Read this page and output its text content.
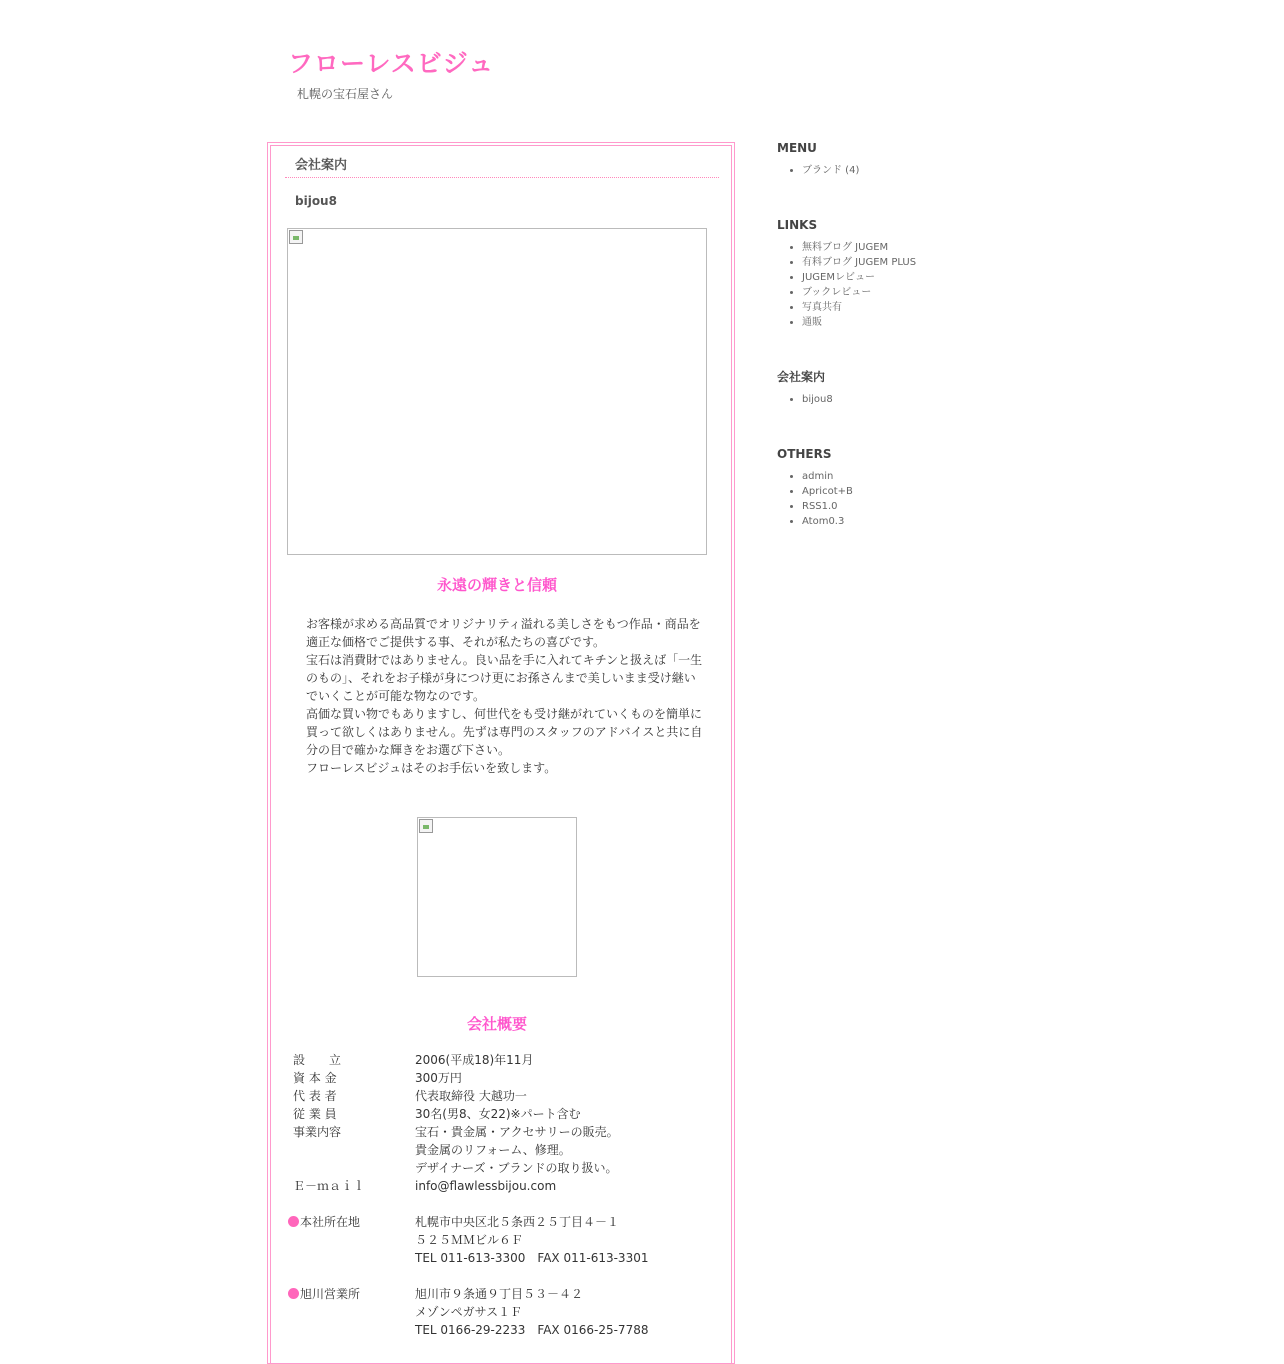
フローレスビジュ
札幌の宝石屋さん
会社案内
bijou8
永遠の輝きと信頼

お客様が求める高品質でオリジナリティ溢れる美しさをもつ作品・商品を適正な価格でご提供する事、それが私たちの喜びです。

宝石は消費財ではありません。良い品を手に入れてキチンと扱えば「一生のもの」、それをお子様が身につけ更にお孫さんまで美しいまま受け継いでいくことが可能な物なのです。

高価な買い物でもありますし、何世代をも受け継がれていくものを簡単に買って欲しくはありません。先ずは専門のスタッフのアドバイスと共に自分の目で確かな輝きをお選び下さい。

フローレスビジュはそのお手伝いを致します。

会社概要
設　　立	2006(平成18)年11月
資 本 金	300万円
代 表 者	代表取締役 大越功一
従 業 員	30名(男8、女22)※パート含む
事業内容	宝石・貴金属・アクセサリーの販売。
貴金属のリフォーム、修理。
デザイナーズ・ブランドの取り扱い。
Ｅ－ｍａｉｌ	info@flawlessbijou.com
本社所在地	札幌市中央区北５条西２５丁目４－１
５２５ＭＭビル６Ｆ
TEL 011-613-3300　FAX 011-613-3301
旭川営業所	旭川市９条通９丁目５３－４２
メゾンペガサス１Ｆ
TEL 0166-29-2233　FAX 0166-25-7788
MENU
• ブランド (4)
LINKS
• 無料ブログ JUGEM
• 有料ブログ JUGEM PLUS
• JUGEMレビュー
• ブックレビュー
• 写真共有
• 通販
会社案内
• bijou8
OTHERS
• admin
• Apricot+B
• RSS1.0
• Atom0.3
